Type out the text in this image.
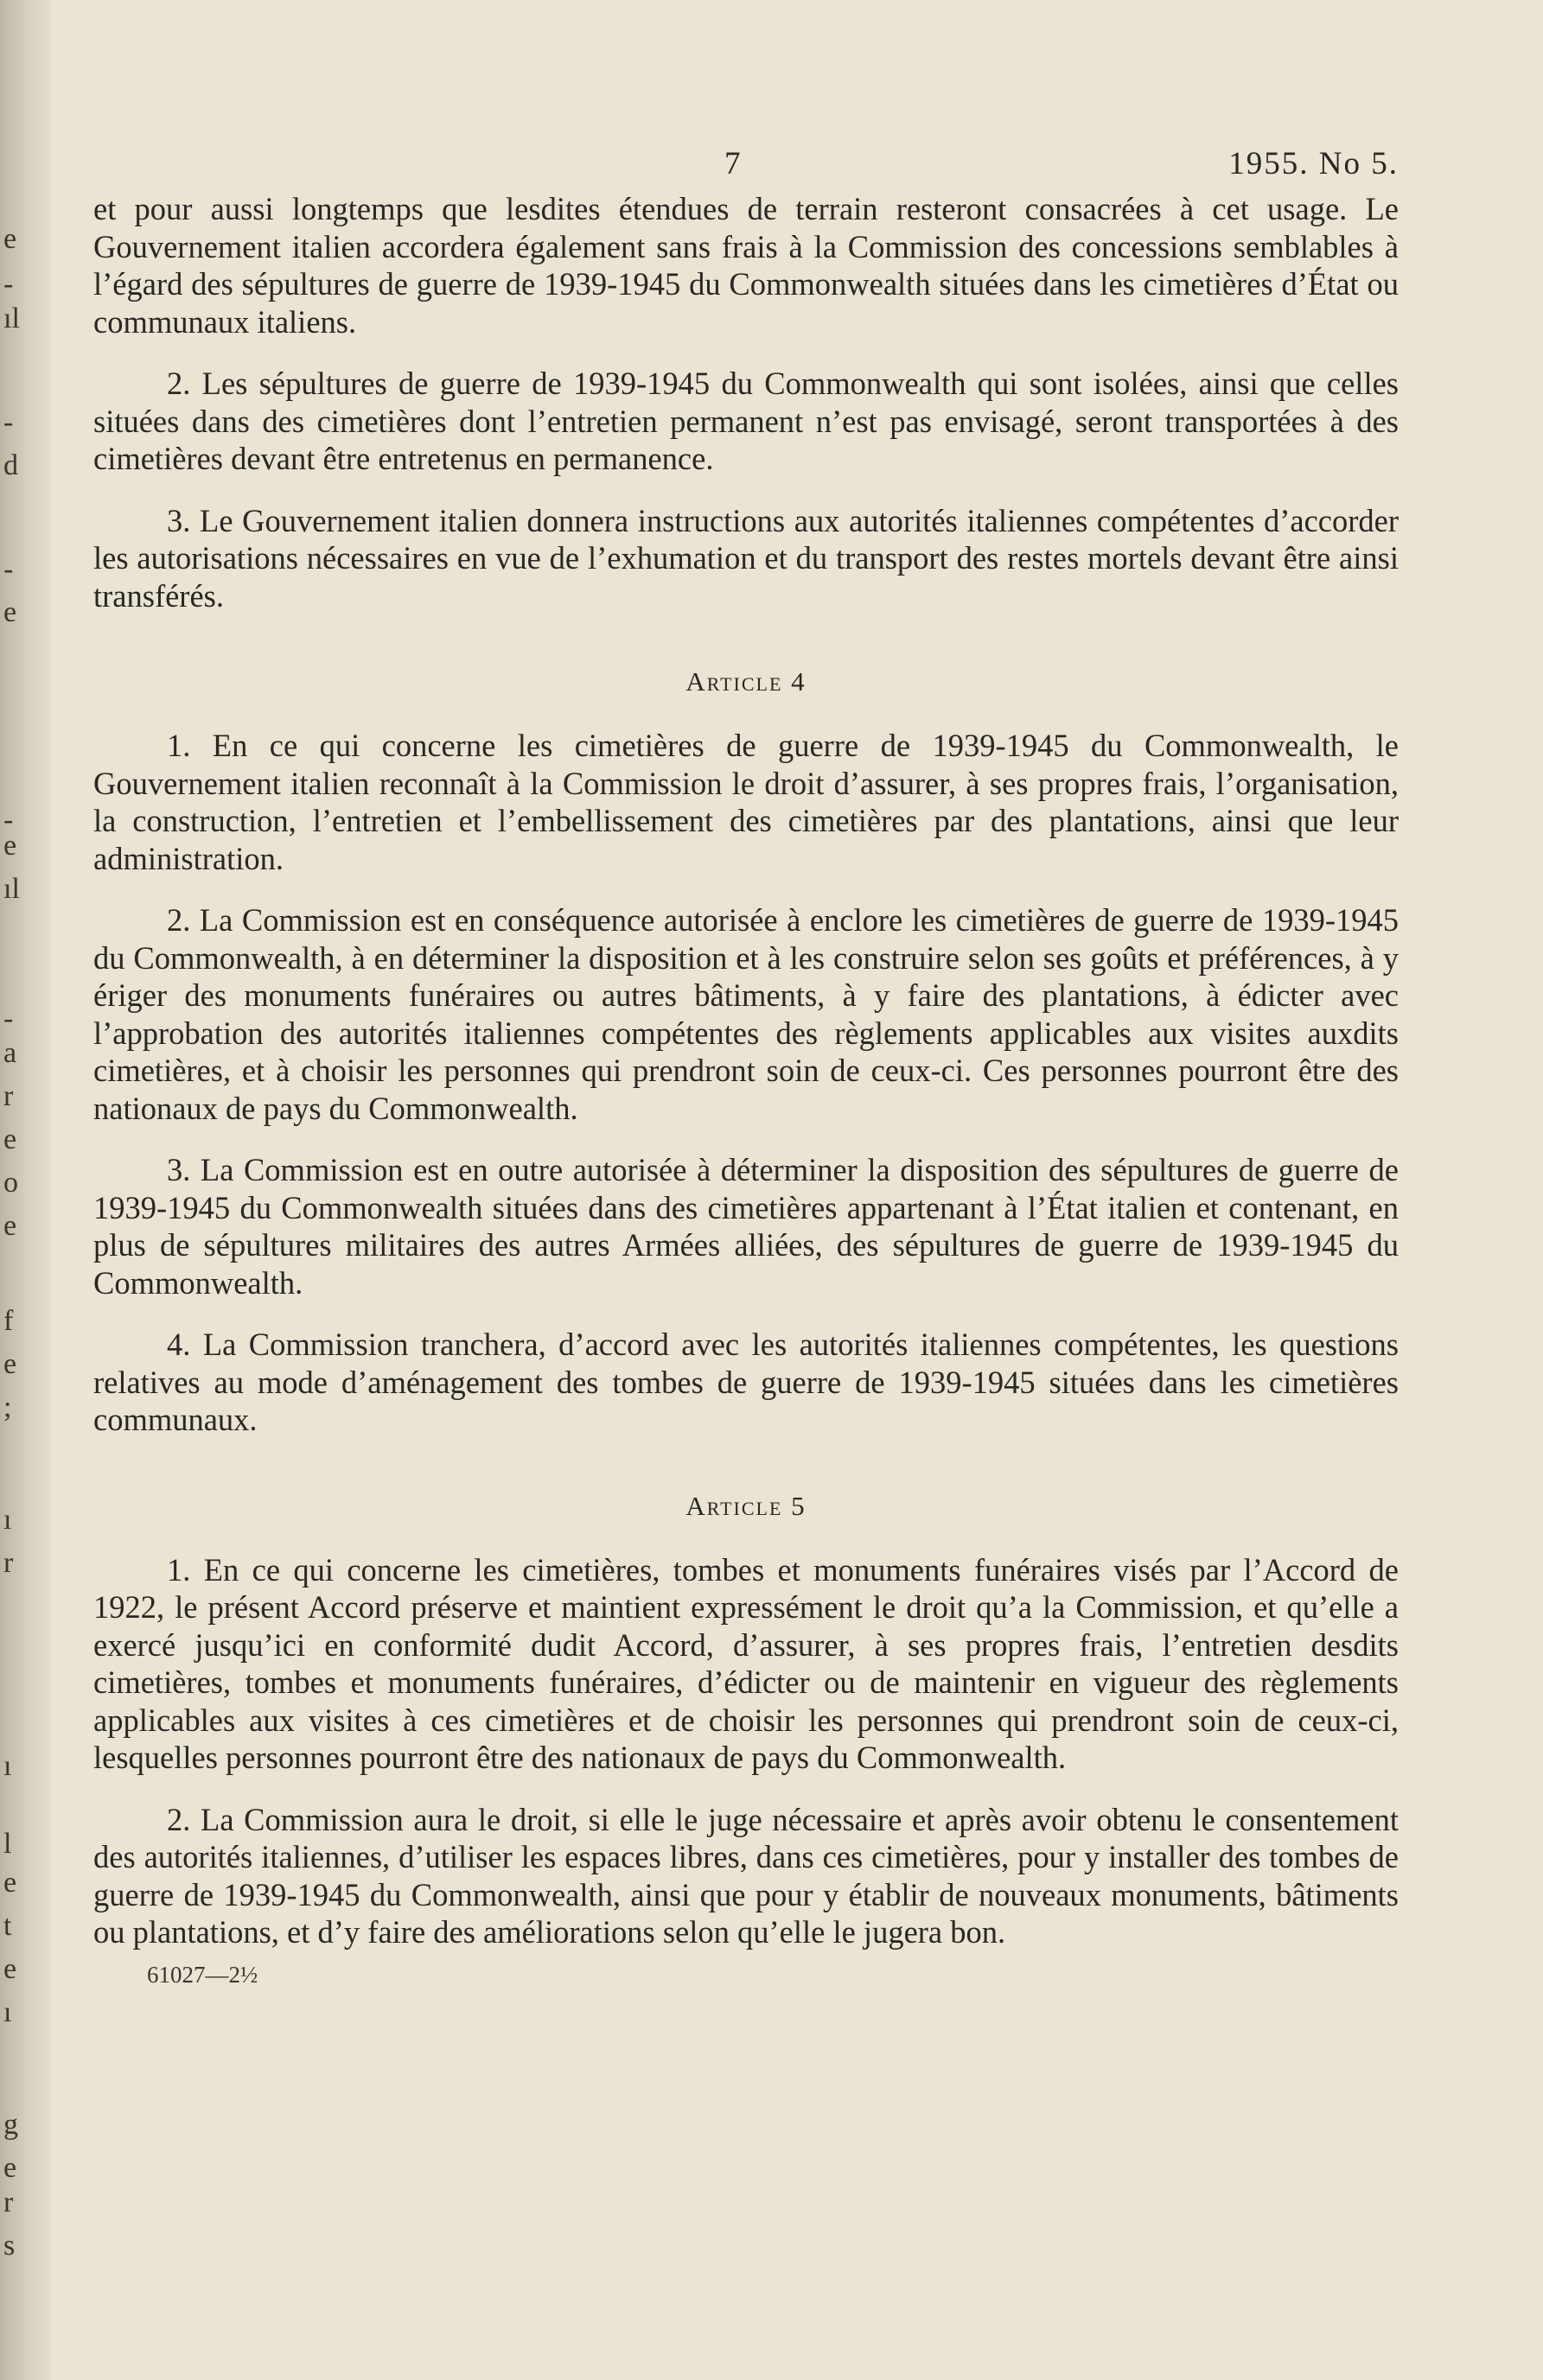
e
-
ıl
-
d
-
e
-
e
ıl
-
a
r
e
o
e
f
e
;
ı
r
ı
l
e
t
e
ı
g
e
r
s
7	1955. No 5.

et pour aussi longtemps que lesdites étendues de terrain resteront consacrées à cet usage. Le Gouvernement italien accordera également sans frais à la Commission des concessions semblables à l’égard des sépultures de guerre de 1939-1945 du Commonwealth situées dans les cimetières d’État ou communaux italiens.

2. Les sépultures de guerre de 1939-1945 du Commonwealth qui sont isolées, ainsi que celles situées dans des cimetières dont l’entretien permanent n’est pas envisagé, seront transportées à des cimetières devant être entretenus en permanence.

3. Le Gouvernement italien donnera instructions aux autorités italiennes compétentes d’accorder les autorisations nécessaires en vue de l’exhumation et du transport des restes mortels devant être ainsi transférés.

Article 4

1. En ce qui concerne les cimetières de guerre de 1939-1945 du Commonwealth, le Gouvernement italien reconnaît à la Commission le droit d’assurer, à ses propres frais, l’organisation, la construction, l’entretien et l’embellissement des cimetières par des plantations, ainsi que leur administration.

2. La Commission est en conséquence autorisée à enclore les cimetières de guerre de 1939-1945 du Commonwealth, à en déterminer la disposition et à les construire selon ses goûts et préférences, à y ériger des monuments funéraires ou autres bâtiments, à y faire des plantations, à édicter avec l’approbation des autorités italiennes compétentes des règlements applicables aux visites auxdits cimetières, et à choisir les personnes qui prendront soin de ceux-ci. Ces personnes pourront être des nationaux de pays du Commonwealth.

3. La Commission est en outre autorisée à déterminer la disposition des sépultures de guerre de 1939-1945 du Commonwealth situées dans des cimetières appartenant à l’État italien et contenant, en plus de sépultures militaires des autres Armées alliées, des sépultures de guerre de 1939-1945 du Commonwealth.

4. La Commission tranchera, d’accord avec les autorités italiennes compétentes, les questions relatives au mode d’aménagement des tombes de guerre de 1939-1945 situées dans les cimetières communaux.

Article 5

1. En ce qui concerne les cimetières, tombes et monuments funéraires visés par l’Accord de 1922, le présent Accord préserve et maintient expressément le droit qu’a la Commission, et qu’elle a exercé jusqu’ici en conformité dudit Accord, d’assurer, à ses propres frais, l’entretien desdits cimetières, tombes et monuments funéraires, d’édicter ou de maintenir en vigueur des règlements applicables aux visites à ces cimetières et de choisir les personnes qui prendront soin de ceux-ci, lesquelles personnes pourront être des nationaux de pays du Commonwealth.

2. La Commission aura le droit, si elle le juge nécessaire et après avoir obtenu le consentement des autorités italiennes, d’utiliser les espaces libres, dans ces cimetières, pour y installer des tombes de guerre de 1939-1945 du Commonwealth, ainsi que pour y établir de nouveaux monuments, bâtiments ou plantations, et d’y faire des améliorations selon qu’elle le jugera bon.

61027—2½
